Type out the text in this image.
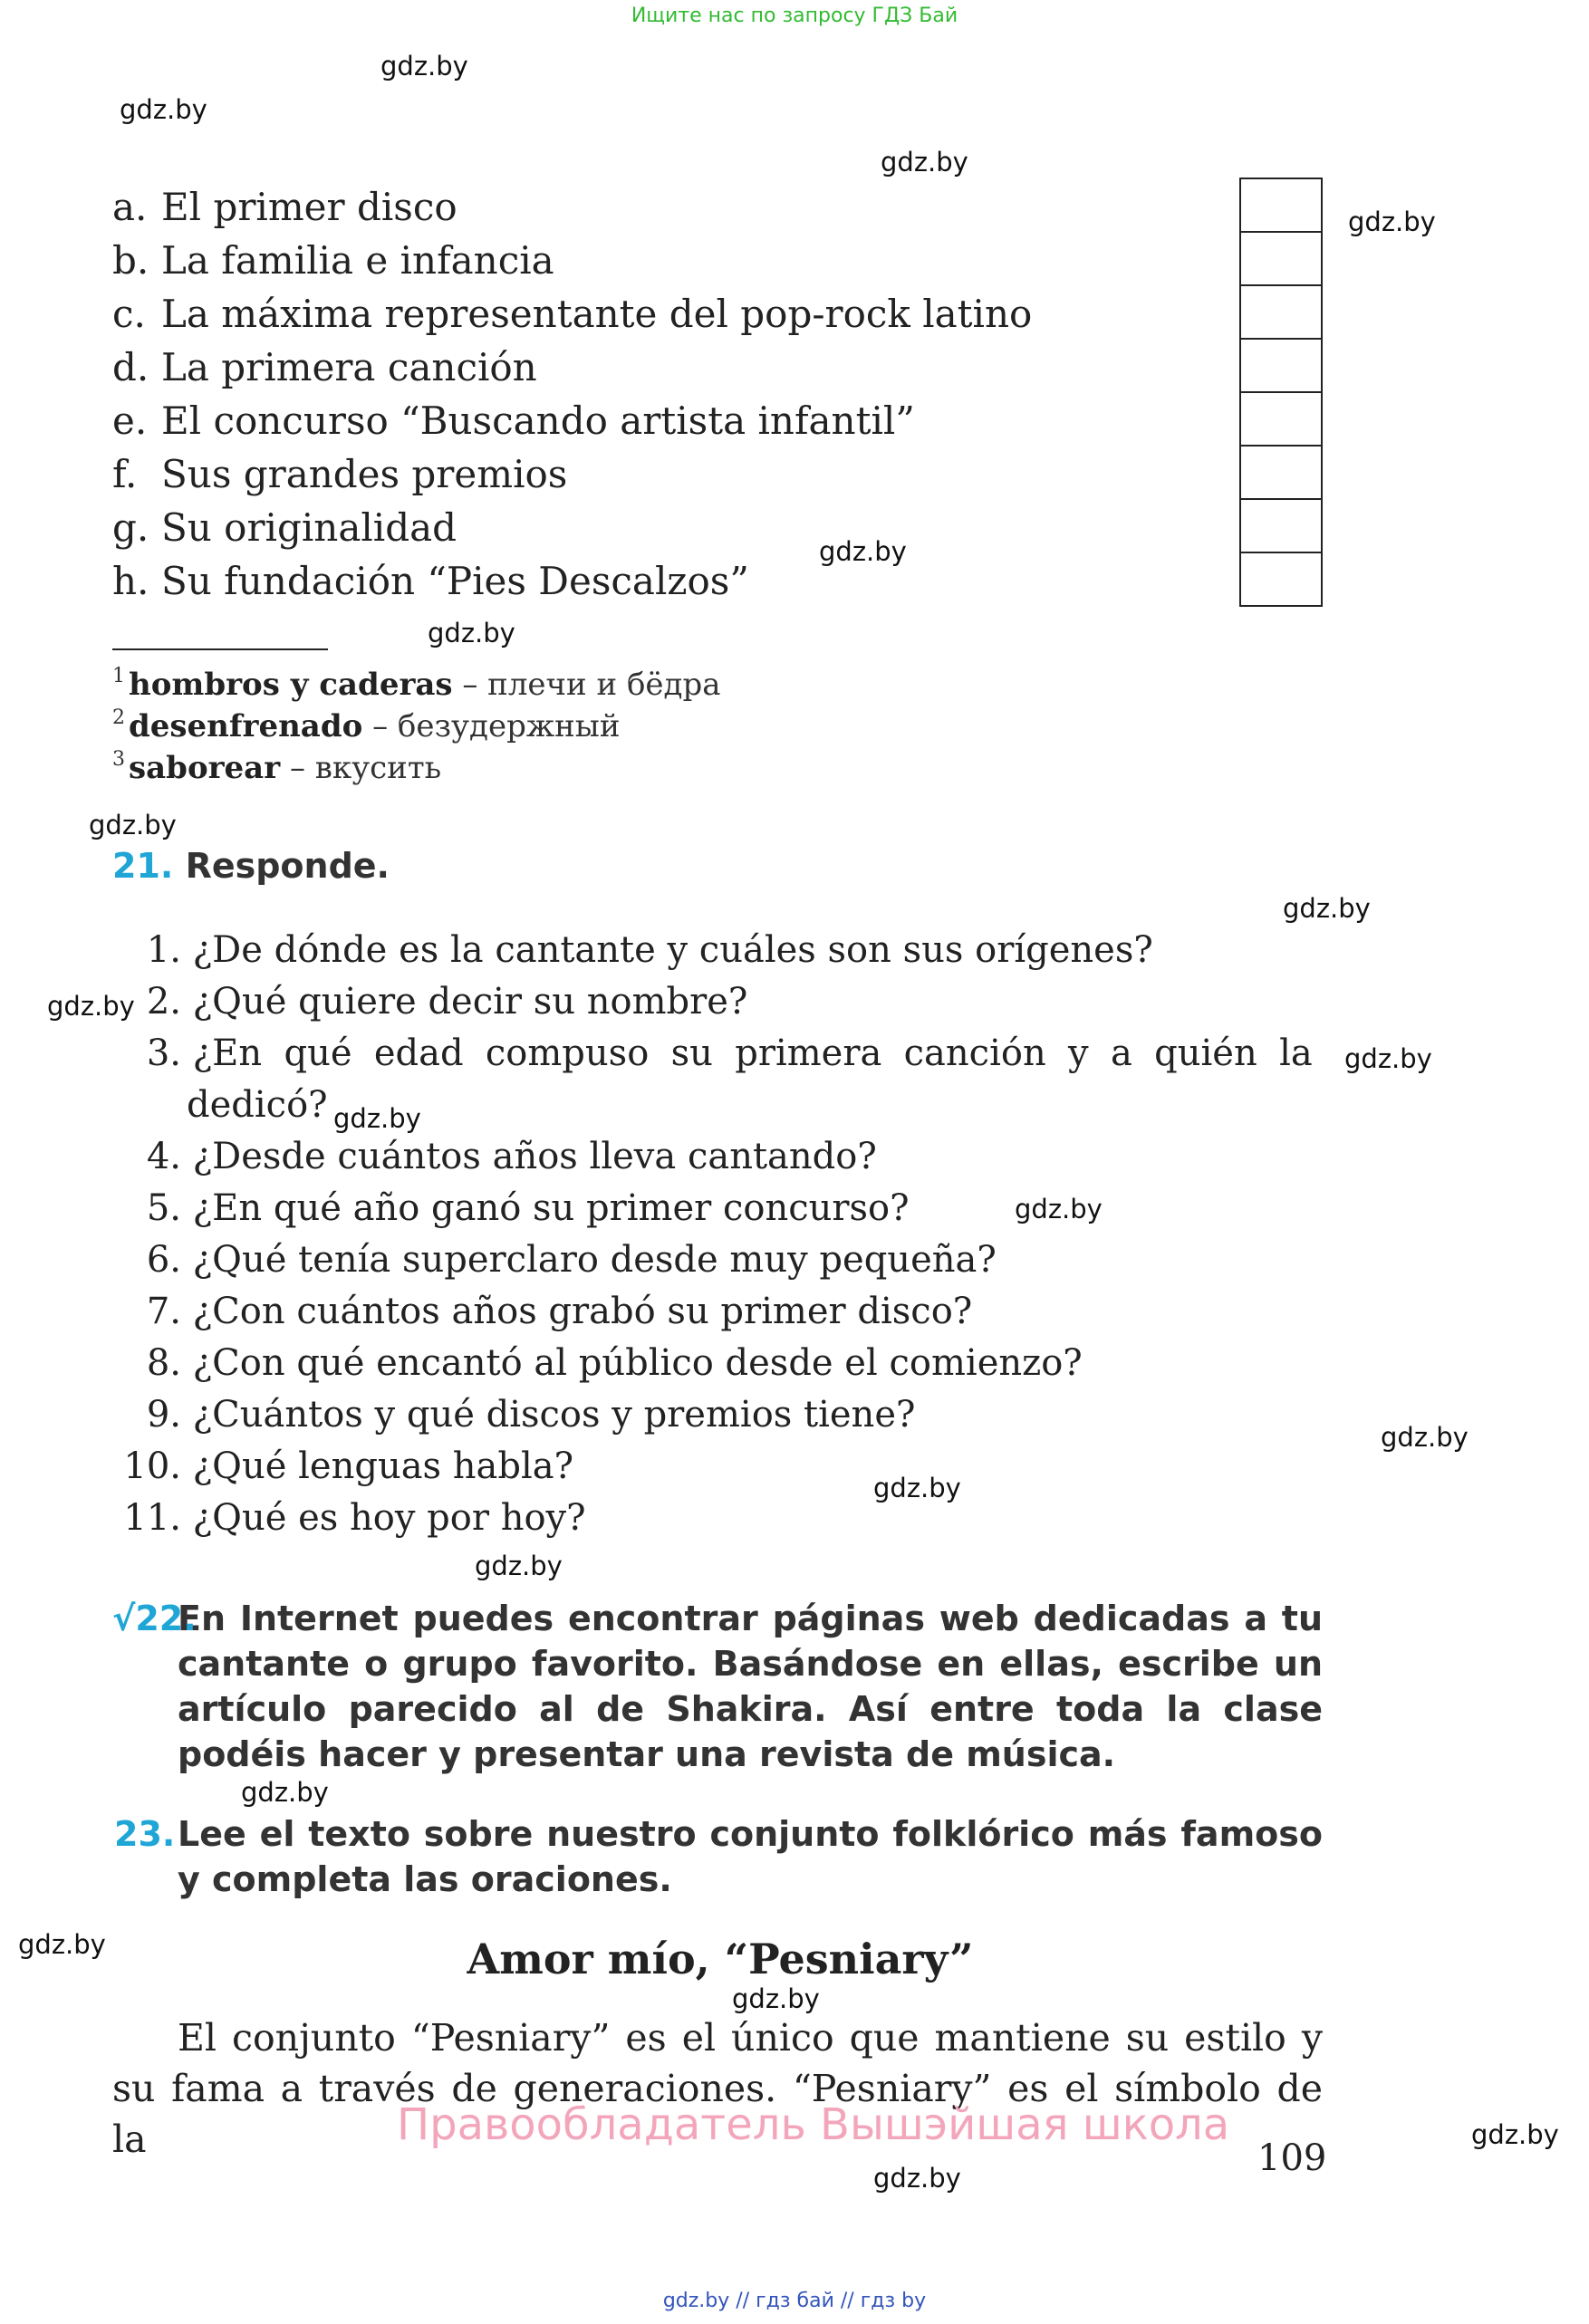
Ищите нас по запросу ГДЗ Бай
gdz.by
gdz.by
gdz.by
gdz.by
gdz.by
gdz.by
gdz.by
gdz.by
gdz.by
gdz.by
gdz.by
gdz.by
gdz.by
gdz.by
gdz.by
gdz.by
gdz.by
gdz.by
gdz.by
gdz.by
a. El primer disco
b. La familia e infancia
c. La máxima representante del pop-rock latino
d. La primera canción
e. El concurso “Buscando artista infantil”
f. Sus grandes premios
g. Su originalidad
h. Su fundación “Pies Descalzos”
$^1$ hombros y caderas – плечи и бёдра
$^2$ desenfrenado – безудержный
$^3$ saborear – вкусить
21. Responde.
1. ¿De dónde es la cantante y cuáles son sus orígenes?
2. ¿Qué quiere decir su nombre?
3. ¿En qué edad compuso su primera canción y a quién la
dedicó?
4. ¿Desde cuántos años lleva cantando?
5. ¿En qué año ganó su primer concurso?
6. ¿Qué tenía superclaro desde muy pequeña?
7. ¿Con cuántos años grabó su primer disco?
8. ¿Con qué encantó al público desde el comienzo?
9. ¿Cuántos y qué discos y premios tiene?
10. ¿Qué lenguas habla?
11. ¿Qué es hoy por hoy?
√22.
En Internet puedes encontrar páginas web dedicadas a tu cantante o grupo favorito. Basándose en ellas, escribe un artículo parecido al de Shakira. Así entre toda la clase podéis hacer y presentar una revista de música.
23. Lee el texto sobre nuestro conjunto folklórico más famoso y completa las oraciones.
Amor mío, “Pesniary”
El conjunto “Pesniary” es el único que mantiene su estilo y su fama a través de generaciones. “Pesniary” es el símbolo de la	Правообладатель Вышэйшая школа
109
gdz.by // гдз бай // гдз by
